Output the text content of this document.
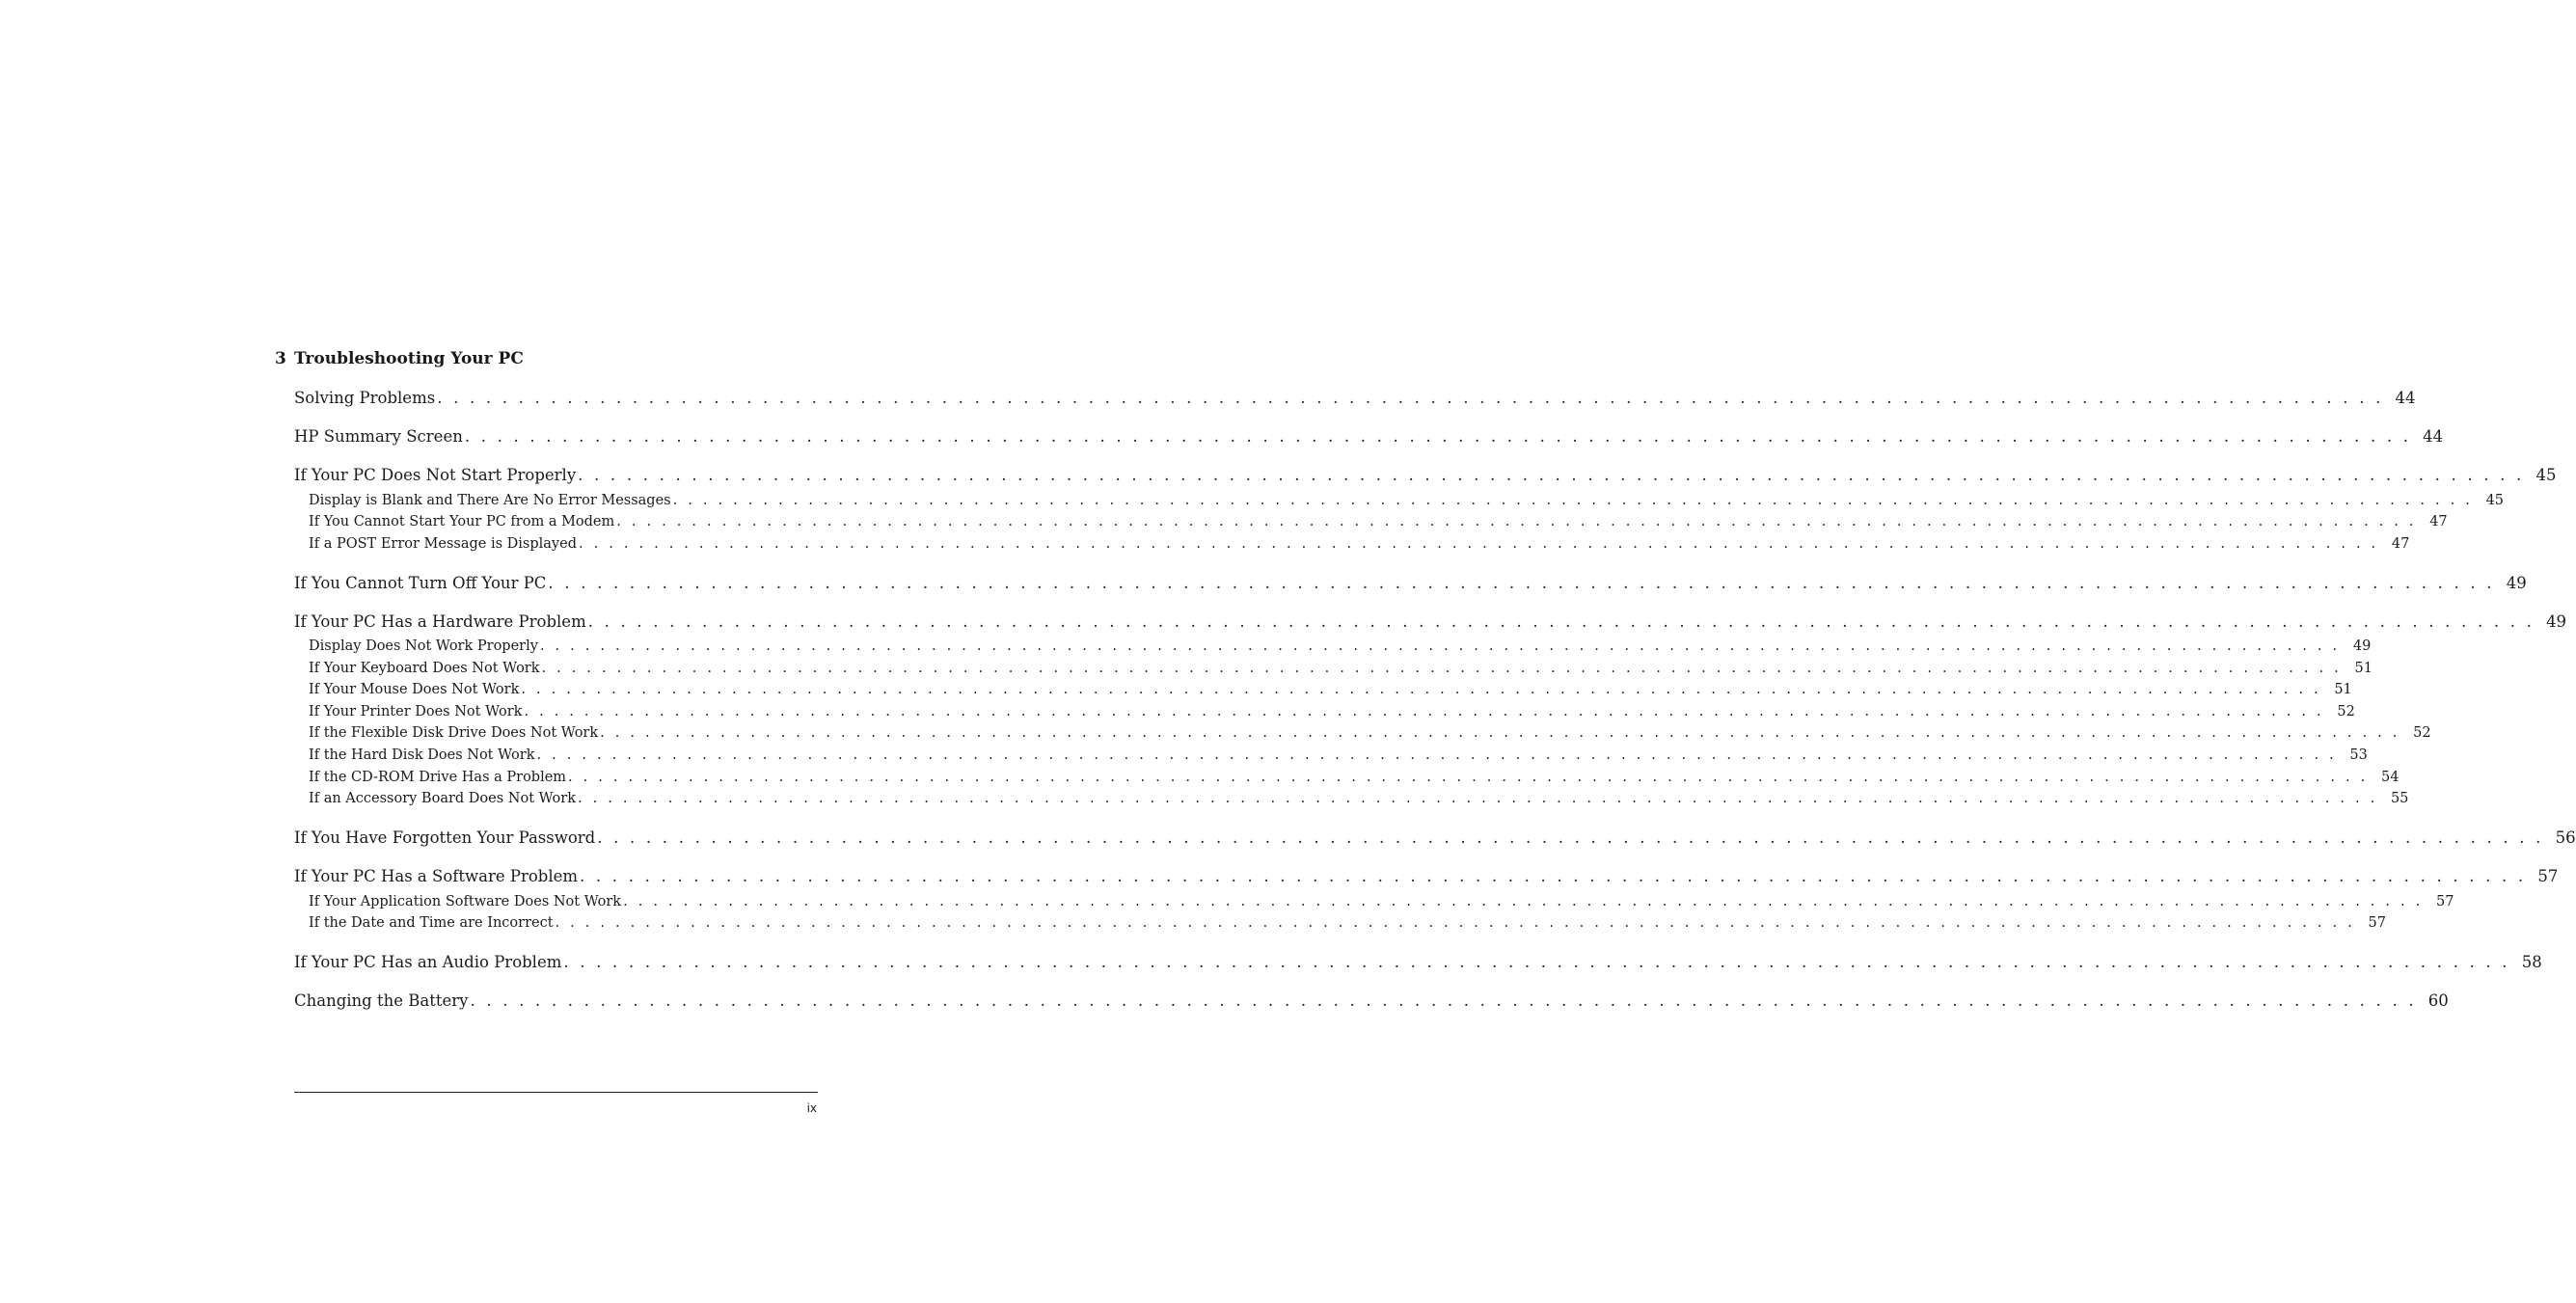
3 Troubleshooting Your PC
Solving Problems . . . . . . . . . . . . . . . . . . . . . . . . . . . . . . . . . . . . . . . . . . . . . . . . . . . . . . . . . . . . . . . . . . . . . . . . . . . . . . . . . . . . . . . . . . . . . . . . . . . . . . . . . . . . . . . . . . . . . . . . 44
HP Summary Screen . . . . . . . . . . . . . . . . . . . . . . . . . . . . . . . . . . . . . . . . . . . . . . . . . . . . . . . . . . . . . . . . . . . . . . . . . . . . . . . . . . . . . . . . . . . . . . . . . . . . . . . . . . . . . . . . . . . . . . . . 44
If Your PC Does Not Start Properly . . . . . . . . . . . . . . . . . . . . . . . . . . . . . . . . . . . . . . . . . . . . . . . . . . . . . . . . . . . . . . . . . . . . . . . . . . . . . . . . . . . . . . . . . . . . . . . . . . . . . . . . . . . . . . . . . . . . . . . . 45
Display is Blank and There Are No Error Messages . . . . . . . . . . . . . . . . . . . . . . . . . . . . . . . . . . . . . . . . . . . . . . . . . . . . . . . . . . . . . . . . . . . . . . . . . . . . . . . . . . . . . . . . . . . . . . . . . . . . . . . . . . . . . . . . . . . . . . . . 45
If You Cannot Start Your PC from a Modem . . . . . . . . . . . . . . . . . . . . . . . . . . . . . . . . . . . . . . . . . . . . . . . . . . . . . . . . . . . . . . . . . . . . . . . . . . . . . . . . . . . . . . . . . . . . . . . . . . . . . . . . . . . . . . . . . . . . . . . . 47
If a POST Error Message is Displayed . . . . . . . . . . . . . . . . . . . . . . . . . . . . . . . . . . . . . . . . . . . . . . . . . . . . . . . . . . . . . . . . . . . . . . . . . . . . . . . . . . . . . . . . . . . . . . . . . . . . . . . . . . . . . . . . . . . . . . . . 47
If You Cannot Turn Off Your PC . . . . . . . . . . . . . . . . . . . . . . . . . . . . . . . . . . . . . . . . . . . . . . . . . . . . . . . . . . . . . . . . . . . . . . . . . . . . . . . . . . . . . . . . . . . . . . . . . . . . . . . . . . . . . . . . . . . . . . . . 49
If Your PC Has a Hardware Problem . . . . . . . . . . . . . . . . . . . . . . . . . . . . . . . . . . . . . . . . . . . . . . . . . . . . . . . . . . . . . . . . . . . . . . . . . . . . . . . . . . . . . . . . . . . . . . . . . . . . . . . . . . . . . . . . . . . . . . . . 49
Display Does Not Work Properly . . . . . . . . . . . . . . . . . . . . . . . . . . . . . . . . . . . . . . . . . . . . . . . . . . . . . . . . . . . . . . . . . . . . . . . . . . . . . . . . . . . . . . . . . . . . . . . . . . . . . . . . . . . . . . . . . . . . . . . . 49
If Your Keyboard Does Not Work . . . . . . . . . . . . . . . . . . . . . . . . . . . . . . . . . . . . . . . . . . . . . . . . . . . . . . . . . . . . . . . . . . . . . . . . . . . . . . . . . . . . . . . . . . . . . . . . . . . . . . . . . . . . . . . . . . . . . . . . 51
If Your Mouse Does Not Work . . . . . . . . . . . . . . . . . . . . . . . . . . . . . . . . . . . . . . . . . . . . . . . . . . . . . . . . . . . . . . . . . . . . . . . . . . . . . . . . . . . . . . . . . . . . . . . . . . . . . . . . . . . . . . . . . . . . . . . . 51
If Your Printer Does Not Work . . . . . . . . . . . . . . . . . . . . . . . . . . . . . . . . . . . . . . . . . . . . . . . . . . . . . . . . . . . . . . . . . . . . . . . . . . . . . . . . . . . . . . . . . . . . . . . . . . . . . . . . . . . . . . . . . . . . . . . . 52
If the Flexible Disk Drive Does Not Work . . . . . . . . . . . . . . . . . . . . . . . . . . . . . . . . . . . . . . . . . . . . . . . . . . . . . . . . . . . . . . . . . . . . . . . . . . . . . . . . . . . . . . . . . . . . . . . . . . . . . . . . . . . . . . . . . . . . . . . . 52
If the Hard Disk Does Not Work . . . . . . . . . . . . . . . . . . . . . . . . . . . . . . . . . . . . . . . . . . . . . . . . . . . . . . . . . . . . . . . . . . . . . . . . . . . . . . . . . . . . . . . . . . . . . . . . . . . . . . . . . . . . . . . . . . . . . . . . 53
If the CD-ROM Drive Has a Problem . . . . . . . . . . . . . . . . . . . . . . . . . . . . . . . . . . . . . . . . . . . . . . . . . . . . . . . . . . . . . . . . . . . . . . . . . . . . . . . . . . . . . . . . . . . . . . . . . . . . . . . . . . . . . . . . . . . . . . . . 54
If an Accessory Board Does Not Work . . . . . . . . . . . . . . . . . . . . . . . . . . . . . . . . . . . . . . . . . . . . . . . . . . . . . . . . . . . . . . . . . . . . . . . . . . . . . . . . . . . . . . . . . . . . . . . . . . . . . . . . . . . . . . . . . . . . . . . . 55
If You Have Forgotten Your Password . . . . . . . . . . . . . . . . . . . . . . . . . . . . . . . . . . . . . . . . . . . . . . . . . . . . . . . . . . . . . . . . . . . . . . . . . . . . . . . . . . . . . . . . . . . . . . . . . . . . . . . . . . . . . . . . . . . . . . . . 56
If Your PC Has a Software Problem . . . . . . . . . . . . . . . . . . . . . . . . . . . . . . . . . . . . . . . . . . . . . . . . . . . . . . . . . . . . . . . . . . . . . . . . . . . . . . . . . . . . . . . . . . . . . . . . . . . . . . . . . . . . . . . . . . . . . . . . 57
If Your Application Software Does Not Work . . . . . . . . . . . . . . . . . . . . . . . . . . . . . . . . . . . . . . . . . . . . . . . . . . . . . . . . . . . . . . . . . . . . . . . . . . . . . . . . . . . . . . . . . . . . . . . . . . . . . . . . . . . . . . . . . . . . . . . . 57
If the Date and Time are Incorrect . . . . . . . . . . . . . . . . . . . . . . . . . . . . . . . . . . . . . . . . . . . . . . . . . . . . . . . . . . . . . . . . . . . . . . . . . . . . . . . . . . . . . . . . . . . . . . . . . . . . . . . . . . . . . . . . . . . . . . . . 57
If Your PC Has an Audio Problem . . . . . . . . . . . . . . . . . . . . . . . . . . . . . . . . . . . . . . . . . . . . . . . . . . . . . . . . . . . . . . . . . . . . . . . . . . . . . . . . . . . . . . . . . . . . . . . . . . . . . . . . . . . . . . . . . . . . . . . . 58
Changing the Battery . . . . . . . . . . . . . . . . . . . . . . . . . . . . . . . . . . . . . . . . . . . . . . . . . . . . . . . . . . . . . . . . . . . . . . . . . . . . . . . . . . . . . . . . . . . . . . . . . . . . . . . . . . . . . . . . . . . . . . . . 60
ix
